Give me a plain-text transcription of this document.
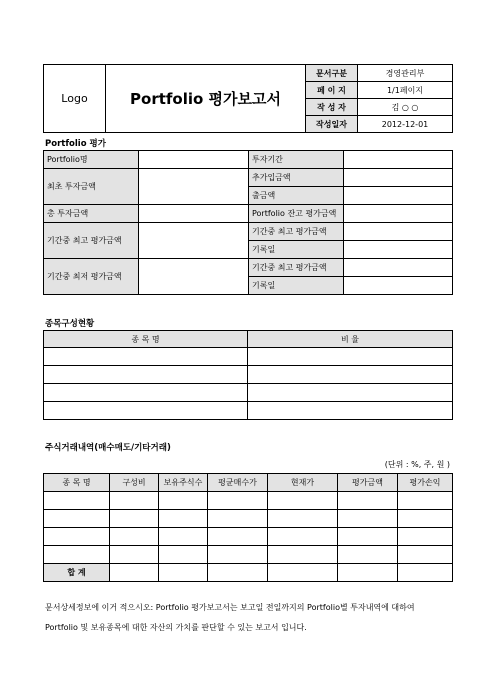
Logo	Portfolio 평가보고서	문서구분	경영관리부
		페 이 지	1/1페이지
		작 성 자	김 ○ ○
		작성일자	2012-12-01
Portfolio 평가
Portfolio명		투자기간	
최초 투자금액		추가입금액	
		출금액	
총 투자금액		Portfolio 잔고 평가금액	
기간중 최고 평가금액		기간중 최고 평가금액	
		기록일	
기간중 최저 평가금액		기간중 최고 평가금액	
		기록일	
종목구성현황
종 목 명	비 율

주식거래내역(매수매도/기타거래)
(단위 : %, 주, 원 )
종 목 명	구성비	보유주식수	평균매수가	현재가	평가금액	평가손익

합 계						
문서상세정보에 이거 적으시오: Portfolio 평가보고서는 보고일 전일까지의 Portfolio별 투자내역에 대하여
Portfolio 및 보유종목에 대한 자산의 가치를 판단할 수 있는 보고서 입니다.
